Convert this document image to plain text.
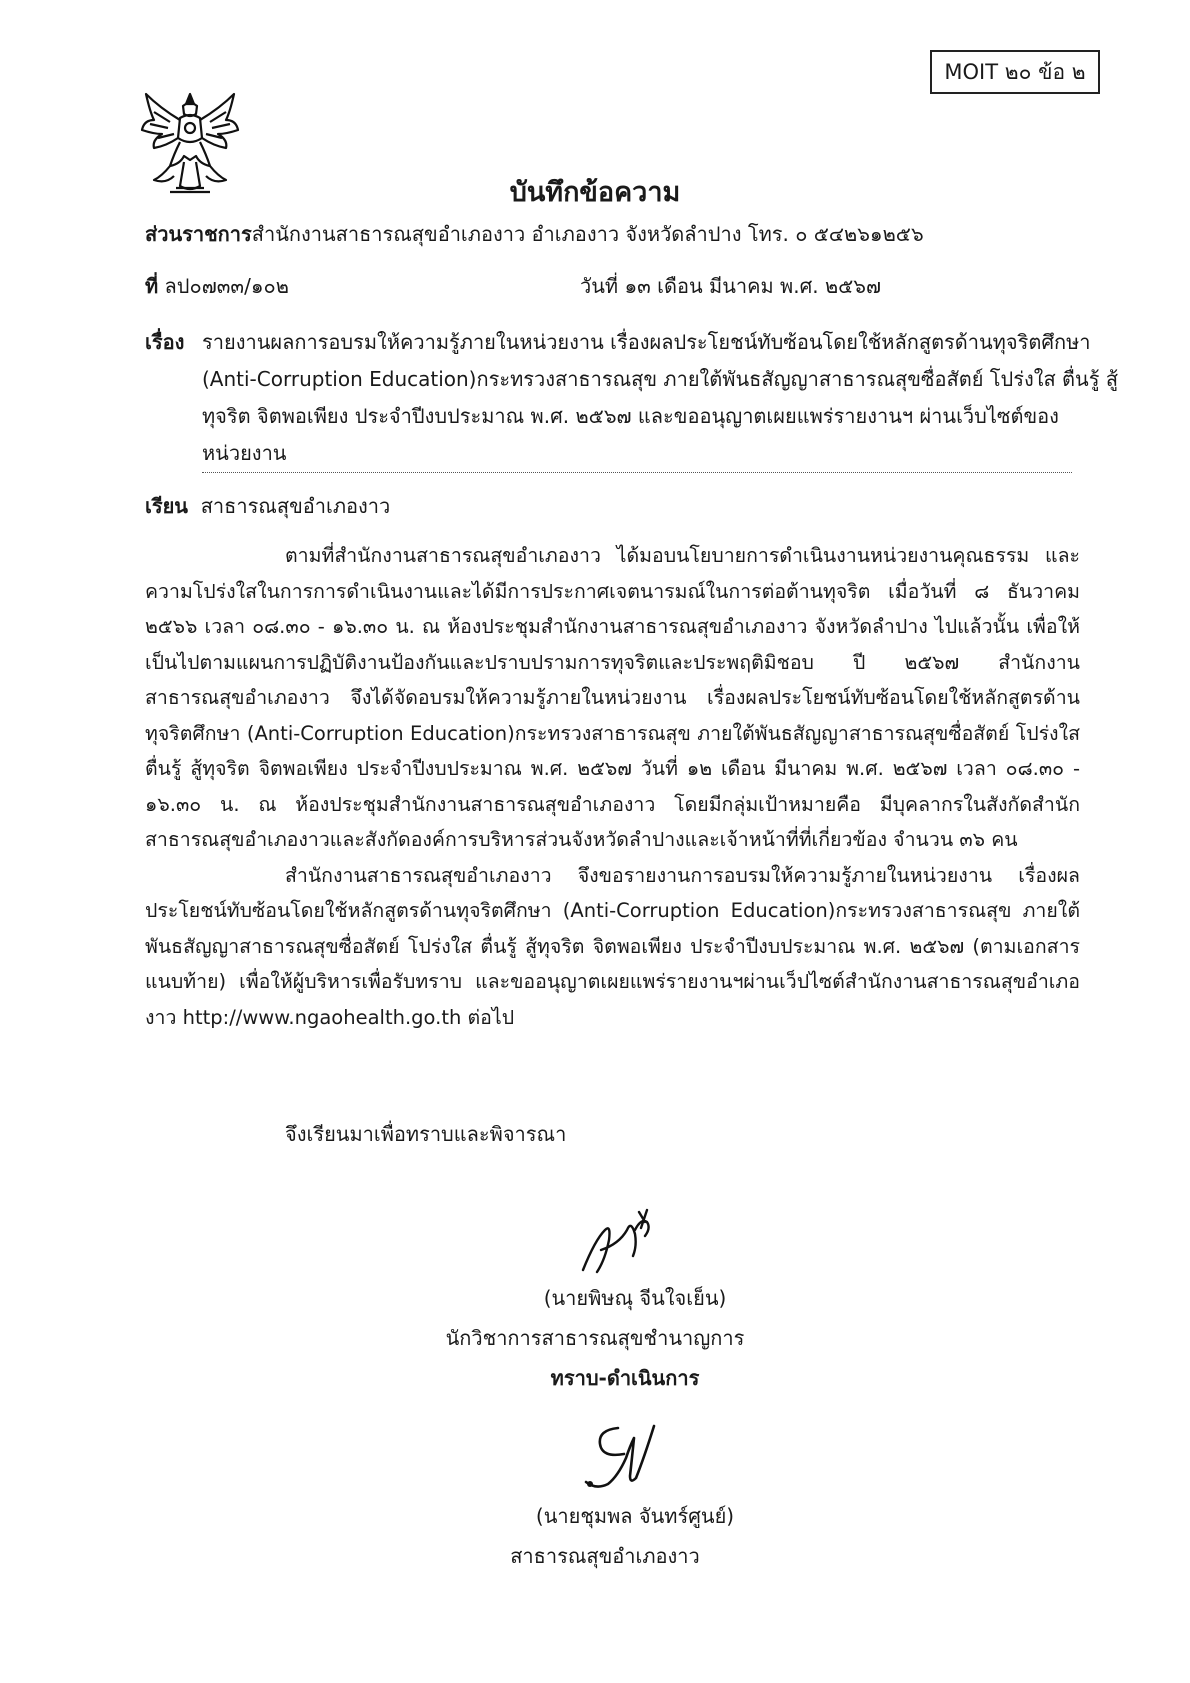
MOIT ๒๐ ข้อ ๒
บันทึกข้อความ
ส่วนราชการสำนักงานสาธารณสุขอำเภองาว อำเภองาว จังหวัดลำปาง โทร. ๐ ๕๔๒๖๑๒๕๖
ที่ ลป๐๗๓๓/๑๐๒	วันที่ ๑๓ เดือน มีนาคม พ.ศ. ๒๕๖๗
เรื่อง รายงานผลการอบรมให้ความรู้ภายในหน่วยงาน เรื่องผลประโยชน์ทับซ้อนโดยใช้หลักสูตรด้านทุจริตศึกษา
(Anti-Corruption Education)กระทรวงสาธารณสุข ภายใต้พันธสัญญาสาธารณสุขซื่อสัตย์ โปร่งใส ตื่นรู้ สู้
ทุจริต จิตพอเพียง ประจำปีงบประมาณ พ.ศ. ๒๕๖๗ และขออนุญาตเผยแพร่รายงานฯ ผ่านเว็บไซต์ของ
หน่วยงาน
เรียน สาธารณสุขอำเภองาว

ตามที่สำนักงานสาธารณสุขอำเภองาว ได้มอบนโยบายการดำเนินงานหน่วยงานคุณธรรม และความโปร่งใสในการการดำเนินงานและได้มีการประกาศเจตนารมณ์ในการต่อต้านทุจริต เมื่อวันที่ ๘ ธันวาคม ๒๕๖๖ เวลา ๐๘.๓๐ - ๑๖.๓๐ น. ณ ห้องประชุมสำนักงานสาธารณสุขอำเภองาว จังหวัดลำปาง ไปแล้วนั้น เพื่อให้เป็นไปตามแผนการปฏิบัติงานป้องกันและปราบปรามการทุจริตและประพฤติมิชอบ ปี ๒๕๖๗ สำนักงานสาธารณสุขอำเภองาว จึงได้จัดอบรมให้ความรู้ภายในหน่วยงาน เรื่องผลประโยชน์ทับซ้อนโดยใช้หลักสูตรด้านทุจริตศึกษา (Anti-Corruption Education)กระทรวงสาธารณสุข ภายใต้พันธสัญญาสาธารณสุขซื่อสัตย์ โปร่งใส ตื่นรู้ สู้ทุจริต จิตพอเพียง ประจำปีงบประมาณ พ.ศ. ๒๕๖๗ วันที่ ๑๒ เดือน มีนาคม พ.ศ. ๒๕๖๗ เวลา ๐๘.๓๐ - ๑๖.๓๐ น. ณ ห้องประชุมสำนักงานสาธารณสุขอำเภองาว โดยมีกลุ่มเป้าหมายคือ มีบุคลากรในสังกัดสำนักสาธารณสุขอำเภองาวและสังกัดองค์การบริหารส่วนจังหวัดลำปางและเจ้าหน้าที่ที่เกี่ยวข้อง จำนวน ๓๖ คน

สำนักงานสาธารณสุขอำเภองาว จึงขอรายงานการอบรมให้ความรู้ภายในหน่วยงาน เรื่องผลประโยชน์ทับซ้อนโดยใช้หลักสูตรด้านทุจริตศึกษา (Anti-Corruption Education)กระทรวงสาธารณสุข ภายใต้พันธสัญญาสาธารณสุขซื่อสัตย์ โปร่งใส ตื่นรู้ สู้ทุจริต จิตพอเพียง ประจำปีงบประมาณ พ.ศ. ๒๕๖๗ (ตามเอกสารแนบท้าย) เพื่อให้ผู้บริหารเพื่อรับทราบ และขออนุญาตเผยแพร่รายงานฯผ่านเว็ปไซต์สำนักงานสาธารณสุขอำเภองาว http://www.ngaohealth.go.th ต่อไป

จึงเรียนมาเพื่อทราบและพิจารณา
(นายพิษณุ จีนใจเย็น)
นักวิชาการสาธารณสุขชำนาญการ
ทราบ-ดำเนินการ
(นายชุมพล จันทร์ศูนย์)
สาธารณสุขอำเภองาว
